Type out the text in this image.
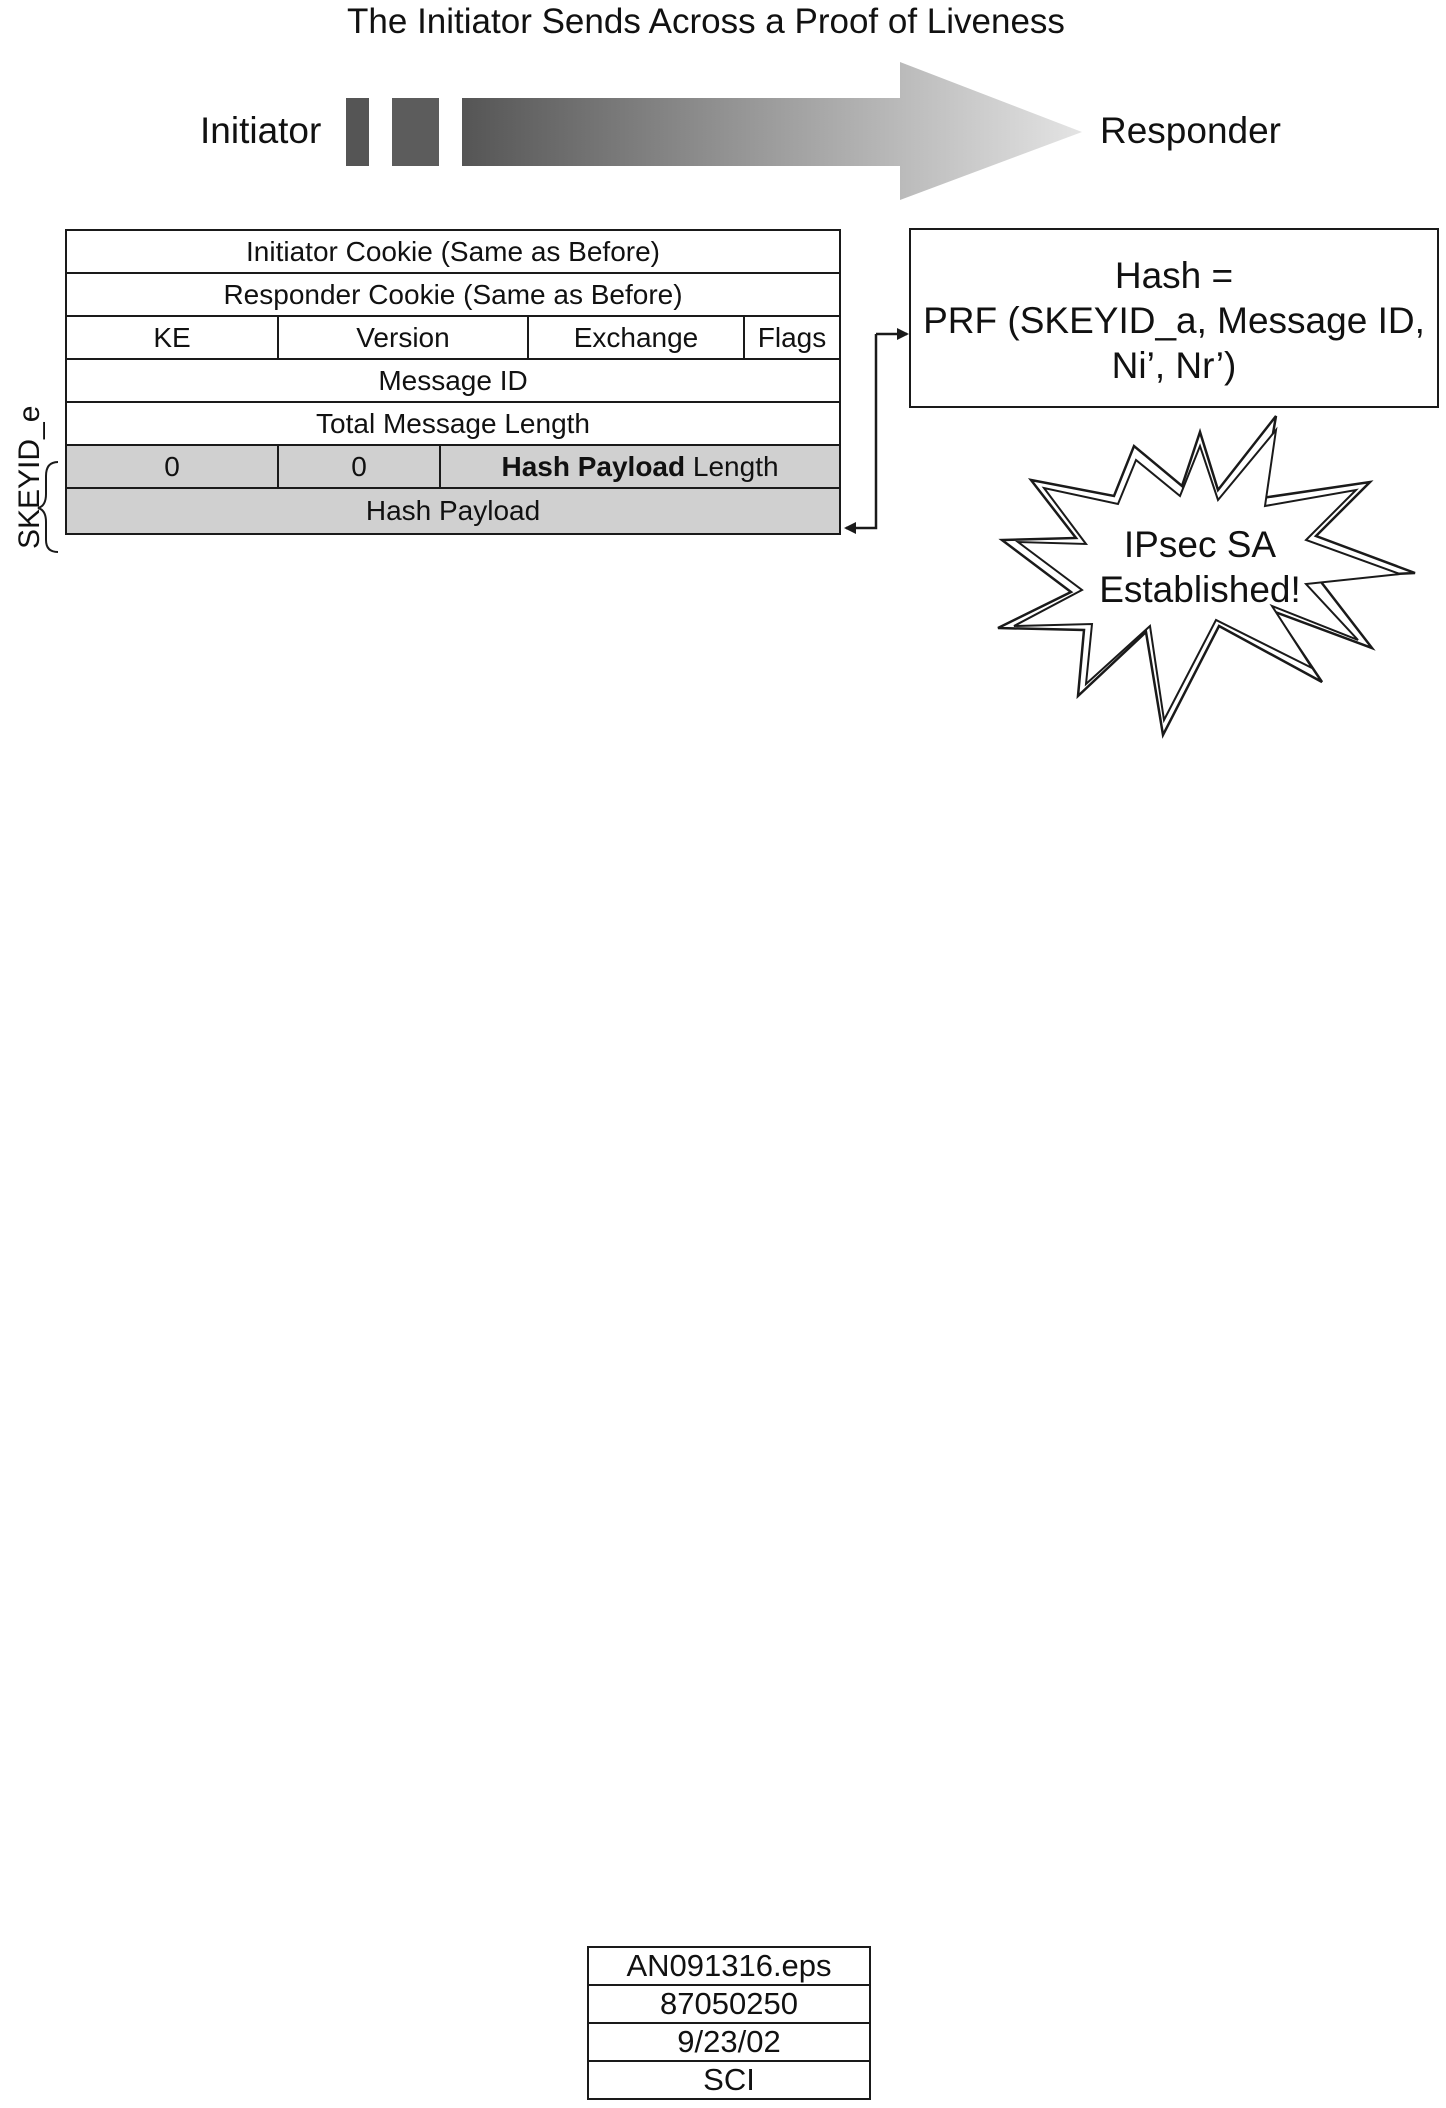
The Initiator Sends Across a Proof of Liveness
Initiator	Responder
Initiator Cookie (Same as Before)				
Responder Cookie (Same as Before)				
KE	Version		Exchange	Flags
Message ID				
Total Message Length				
0	0	Hash Payload Length		
Hash Payload				
SKEYID_e
Hash =
PRF (SKEYID_a, Message ID,
Ni’, Nr’)
IPsec SA
Established!
AN091316.eps
87050250
9/23/02
SCI
